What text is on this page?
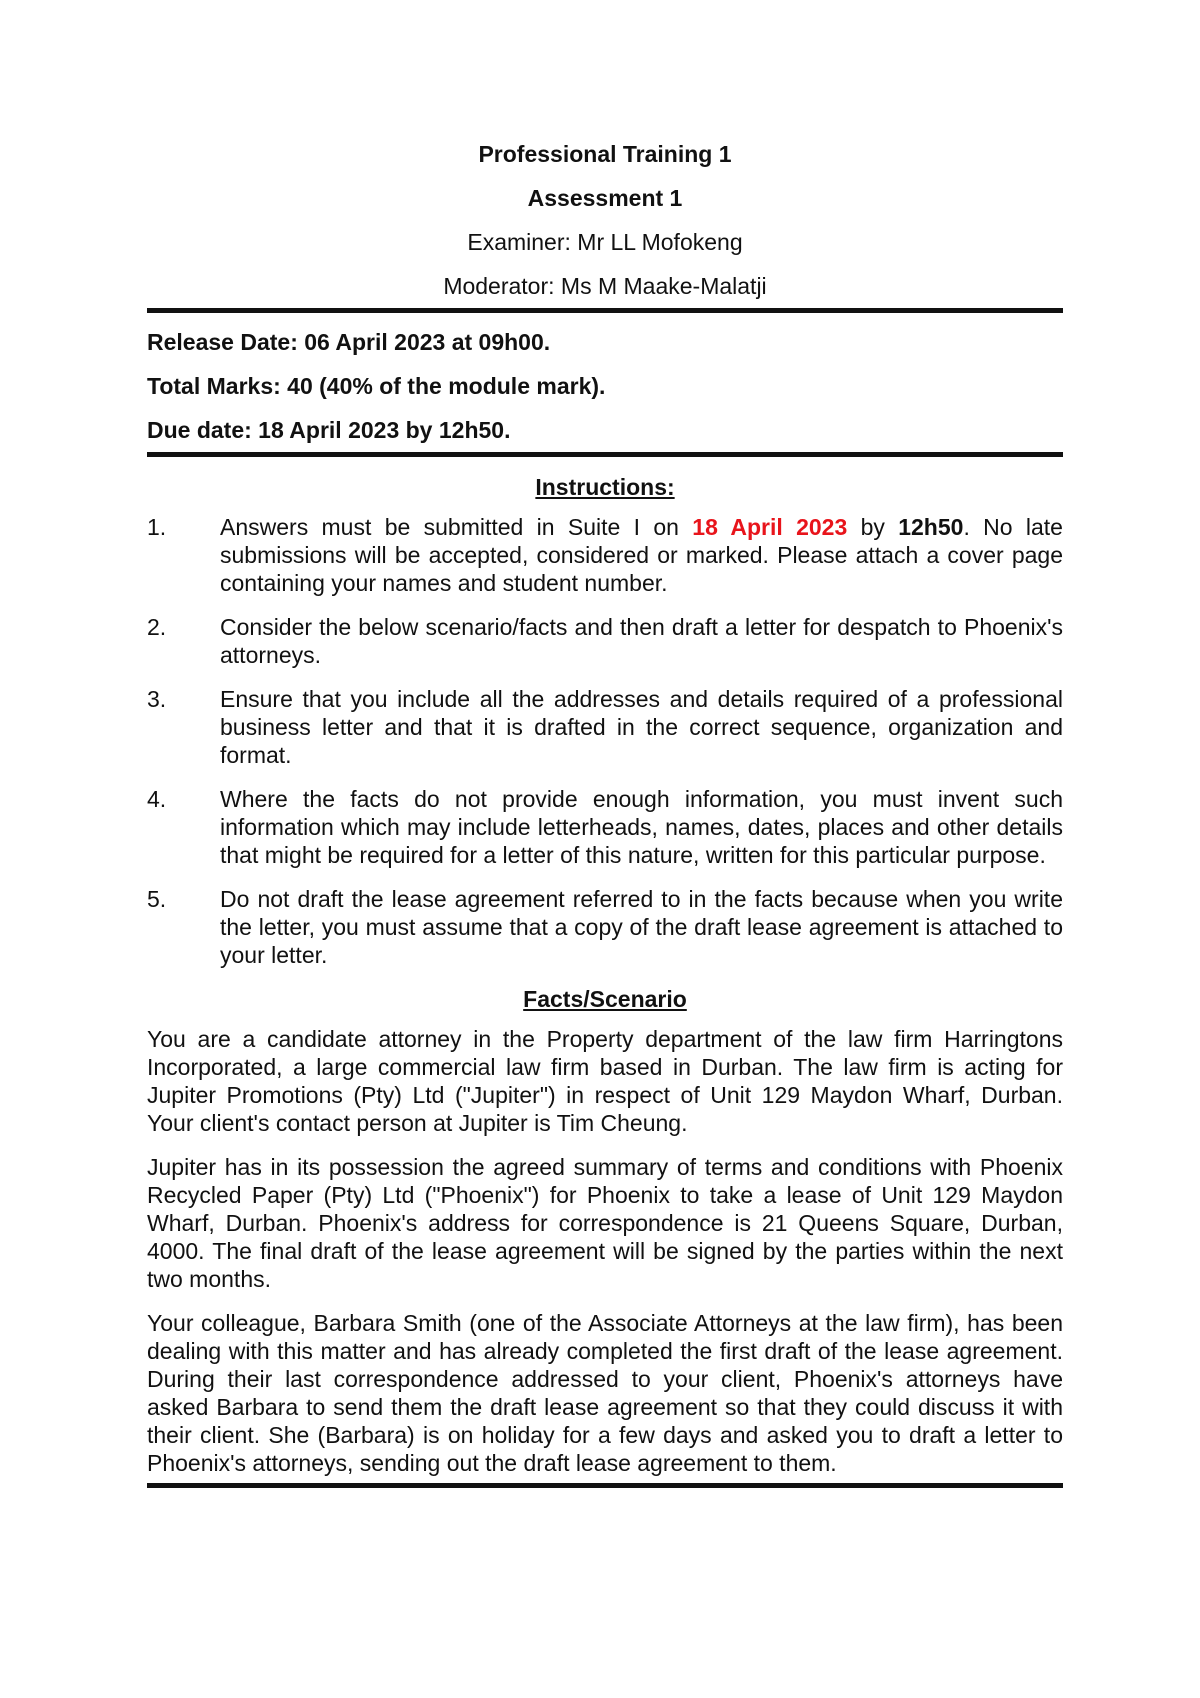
Professional Training 1

Assessment 1

Examiner: Mr LL Mofokeng

Moderator: Ms M Maake-Malatji

Release Date: 06 April 2023 at 09h00.

Total Marks: 40 (40% of the module mark).

Due date: 18 April 2023 by 12h50.

Instructions:

1.	Answers must be submitted in Suite I on 18 April 2023 by 12h50. No late submissions will be accepted, considered or marked. Please attach a cover page containing your names and student number.
2.	Consider the below scenario/facts and then draft a letter for despatch to Phoenix's attorneys.
3.	Ensure that you include all the addresses and details required of a professional business letter and that it is drafted in the correct sequence, organization and format.
4.	Where the facts do not provide enough information, you must invent such information which may include letterheads, names, dates, places and other details that might be required for a letter of this nature, written for this particular purpose.
5.	Do not draft the lease agreement referred to in the facts because when you write the letter, you must assume that a copy of the draft lease agreement is attached to your letter.

Facts/Scenario

You are a candidate attorney in the Property department of the law firm Harringtons Incorporated, a large commercial law firm based in Durban. The law firm is acting for Jupiter Promotions (Pty) Ltd ("Jupiter") in respect of Unit 129 Maydon Wharf, Durban. Your client's contact person at Jupiter is Tim Cheung.

Jupiter has in its possession the agreed summary of terms and conditions with Phoenix Recycled Paper (Pty) Ltd ("Phoenix") for Phoenix to take a lease of Unit 129 Maydon Wharf, Durban. Phoenix's address for correspondence is 21 Queens Square, Durban, 4000. The final draft of the lease agreement will be signed by the parties within the next two months.

Your colleague, Barbara Smith (one of the Associate Attorneys at the law firm), has been dealing with this matter and has already completed the first draft of the lease agreement. During their last correspondence addressed to your client, Phoenix's attorneys have asked Barbara to send them the draft lease agreement so that they could discuss it with their client. She (Barbara) is on holiday for a few days and asked you to draft a letter to Phoenix's attorneys, sending out the draft lease agreement to them.
